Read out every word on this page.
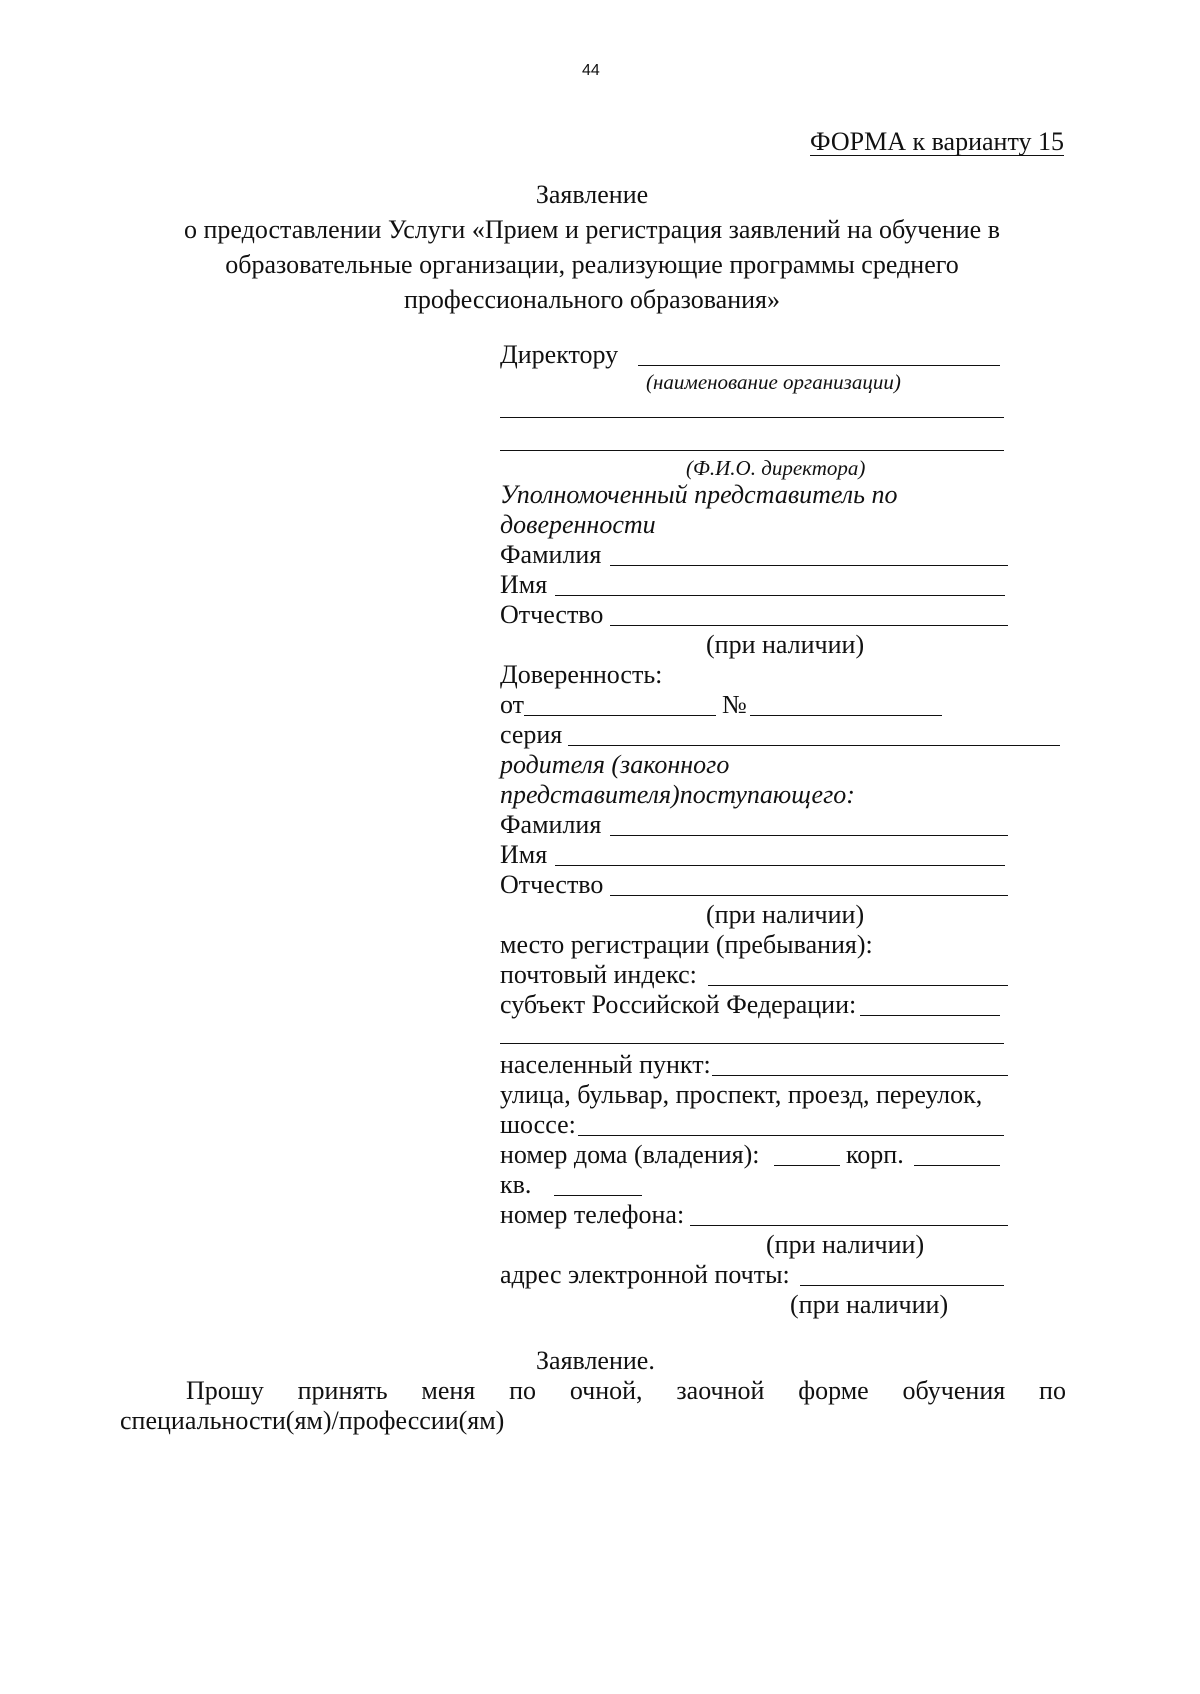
44
ФОРМА к варианту 15
Заявление
о предоставлении Услуги «Прием и регистрация заявлений на обучение в
образовательные организации, реализующие программы среднего
профессионального образования»
Директору
(наименование организации)
(Ф.И.О. директора)
Уполномоченный представитель по
доверенности
Фамилия
Имя
Отчество
(при наличии)
Доверенность:
от	№
серия
родителя (законного
представителя)поступающего:
Фамилия
Имя
Отчество
(при наличии)
место регистрации (пребывания):
почтовый индекс:
субъект Российской Федерации:
населенный пункт:
улица, бульвар, проспект, проезд, переулок,
шоссе:
номер дома (владения):	корп.
кв.
номер телефона:
(при наличии)
адрес электронной почты:
(при наличии)
Заявление.
Прошу принять меня по очной, заочной форме обучения по
специальности(ям)/профессии(ям)
